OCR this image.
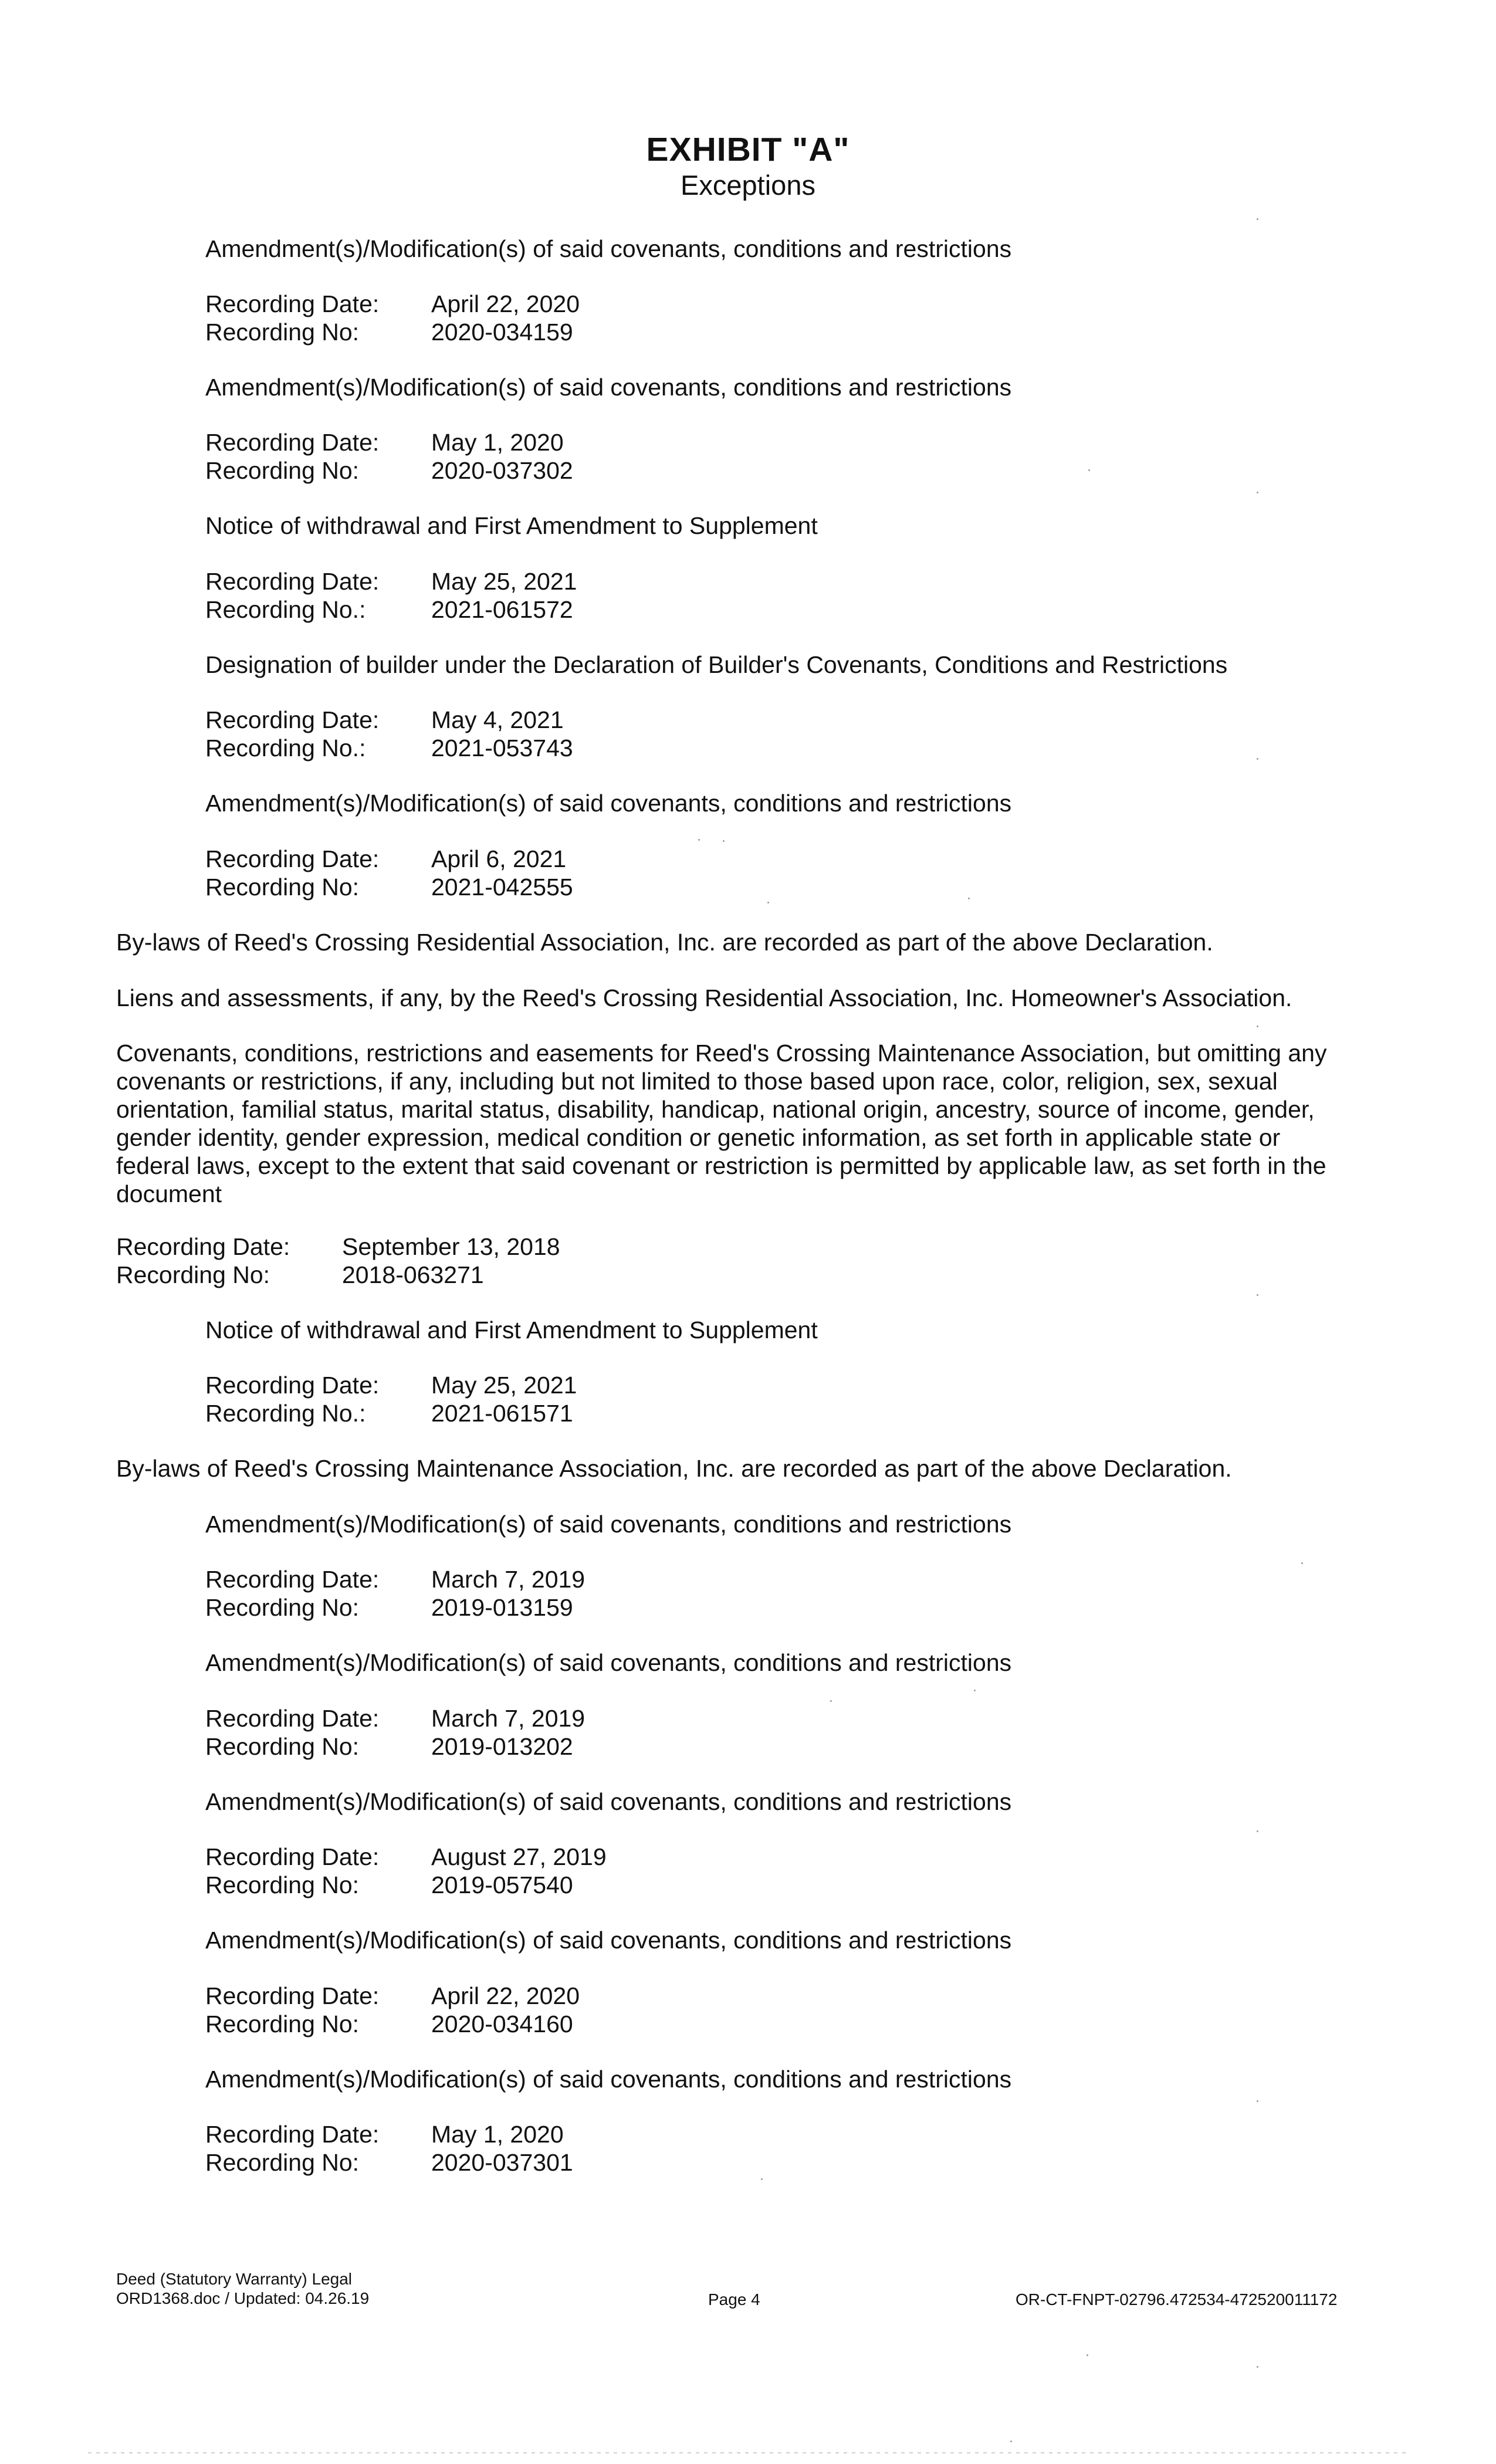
EXHIBIT "A"
Exceptions
Amendment(s)/Modification(s) of said covenants, conditions and restrictions
Recording Date:	April 22, 2020
Recording No:	2020-034159
Amendment(s)/Modification(s) of said covenants, conditions and restrictions
Recording Date:	May 1, 2020
Recording No:	2020-037302
Notice of withdrawal and First Amendment to Supplement
Recording Date:	May 25, 2021
Recording No.:	2021-061572
Designation of builder under the Declaration of Builder's Covenants, Conditions and Restrictions
Recording Date:	May 4, 2021
Recording No.:	2021-053743
Amendment(s)/Modification(s) of said covenants, conditions and restrictions
Recording Date:	April 6, 2021
Recording No:	2021-042555
By-laws of Reed's Crossing Residential Association, Inc. are recorded as part of the above Declaration.
Liens and assessments, if any, by the Reed's Crossing Residential Association, Inc. Homeowner's Association.
Covenants, conditions, restrictions and easements for Reed's Crossing Maintenance Association, but omitting any covenants or restrictions, if any, including but not limited to those based upon race, color, religion, sex, sexual orientation, familial status, marital status, disability, handicap, national origin, ancestry, source of income, gender, gender identity, gender expression, medical condition or genetic information, as set forth in applicable state or federal laws, except to the extent that said covenant or restriction is permitted by applicable law, as set forth in the document
Recording Date:	September 13, 2018
Recording No:	2018-063271
Notice of withdrawal and First Amendment to Supplement
Recording Date:	May 25, 2021
Recording No.:	2021-061571
By-laws of Reed's Crossing Maintenance Association, Inc. are recorded as part of the above Declaration.
Amendment(s)/Modification(s) of said covenants, conditions and restrictions
Recording Date:	March 7, 2019
Recording No:	2019-013159
Amendment(s)/Modification(s) of said covenants, conditions and restrictions
Recording Date:	March 7, 2019
Recording No:	2019-013202
Amendment(s)/Modification(s) of said covenants, conditions and restrictions
Recording Date:	August 27, 2019
Recording No:	2019-057540
Amendment(s)/Modification(s) of said covenants, conditions and restrictions
Recording Date:	April 22, 2020
Recording No:	2020-034160
Amendment(s)/Modification(s) of said covenants, conditions and restrictions
Recording Date:	May 1, 2020
Recording No:	2020-037301
Deed (Statutory Warranty) Legal
ORD1368.doc / Updated: 04.26.19	Page 4	OR-CT-FNPT-02796.472534-472520011172
